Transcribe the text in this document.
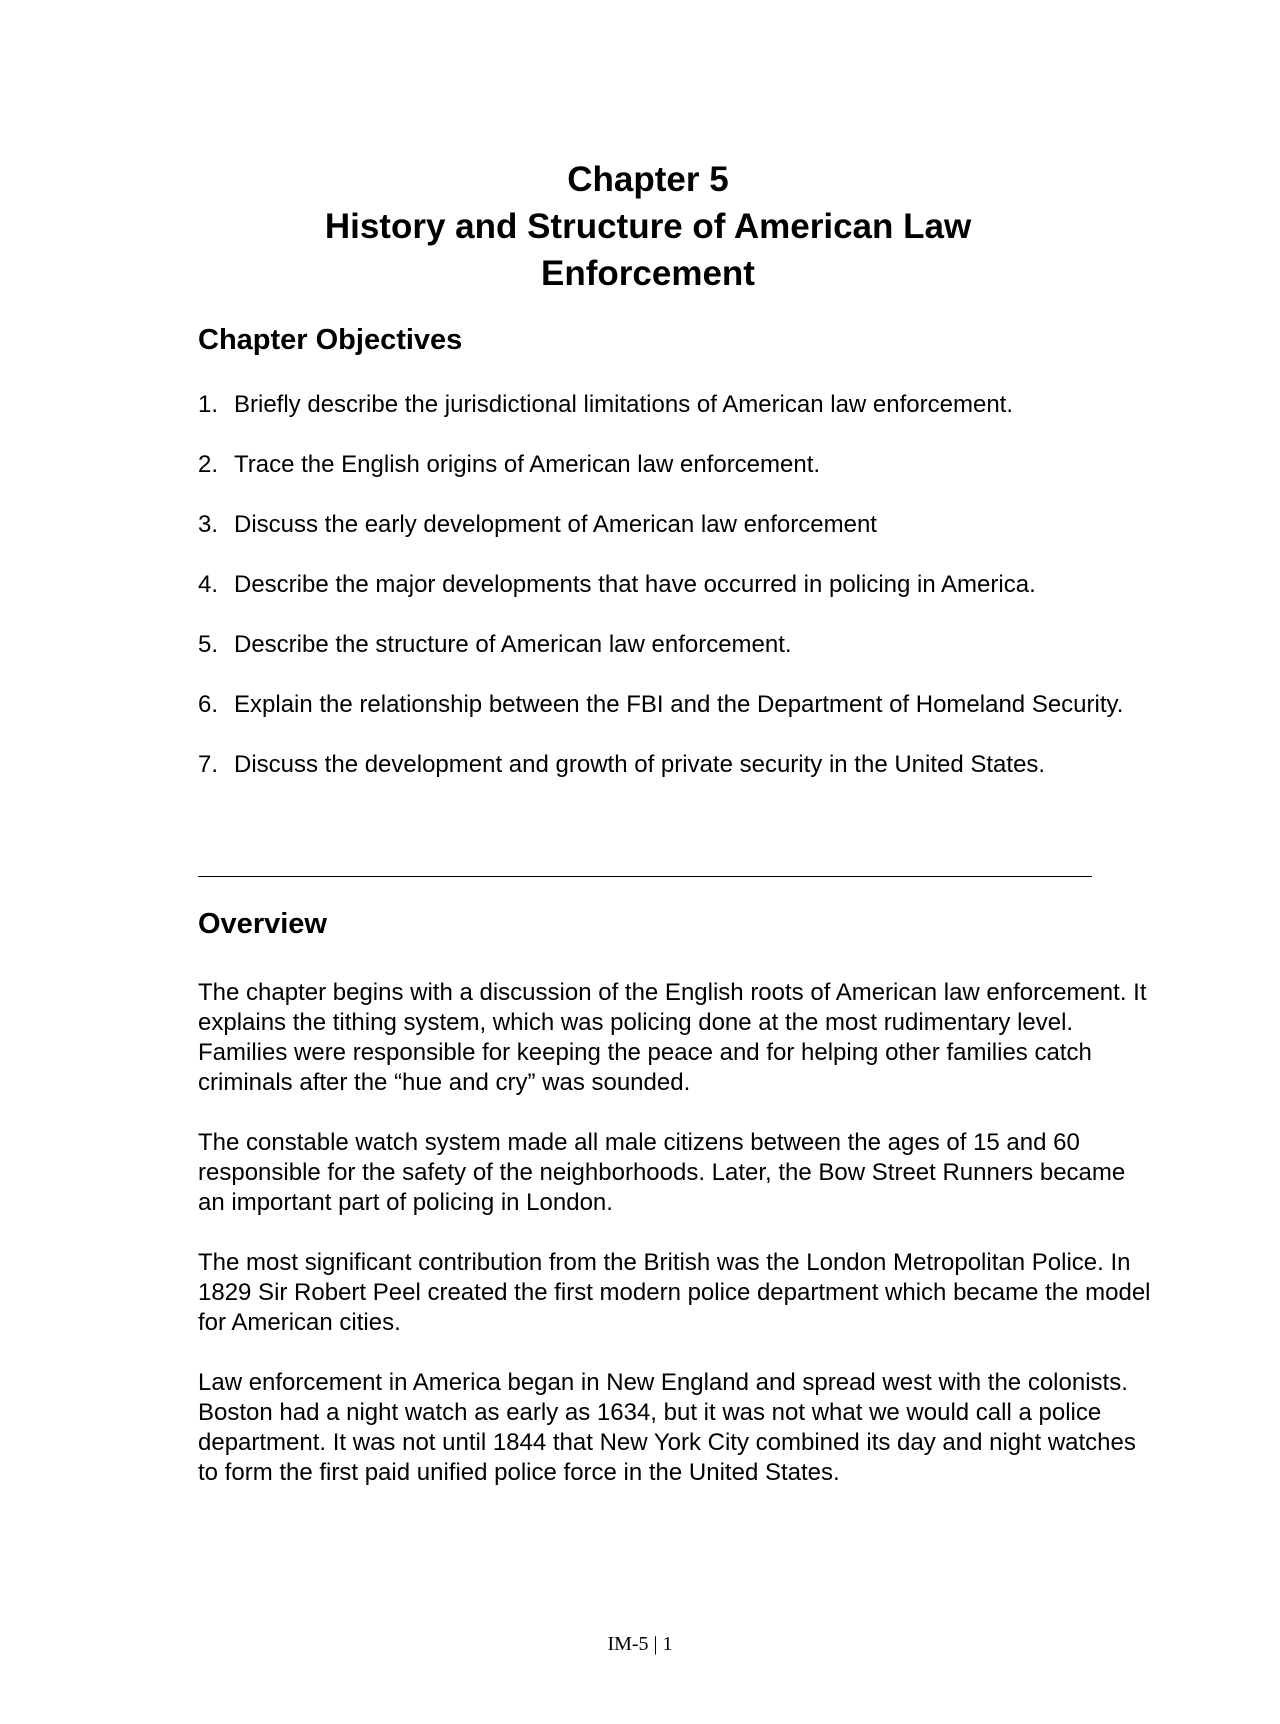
Chapter 5
History and Structure of American Law
Enforcement
Chapter Objectives
1. Briefly describe the jurisdictional limitations of American law enforcement.
2. Trace the English origins of American law enforcement.
3. Discuss the early development of American law enforcement
4. Describe the major developments that have occurred in policing in America.
5. Describe the structure of American law enforcement.
6. Explain the relationship between the FBI and the Department of Homeland Security.
7. Discuss the development and growth of private security in the United States.
Overview

The chapter begins with a discussion of the English roots of American law enforcement. It explains the tithing system, which was policing done at the most rudimentary level. Families were responsible for keeping the peace and for helping other families catch criminals after the “hue and cry” was sounded.

The constable watch system made all male citizens between the ages of 15 and 60 responsible for the safety of the neighborhoods. Later, the Bow Street Runners became an important part of policing in London.

The most significant contribution from the British was the London Metropolitan Police. In 1829 Sir Robert Peel created the first modern police department which became the model for American cities.

Law enforcement in America began in New England and spread west with the colonists. Boston had a night watch as early as 1634, but it was not what we would call a police department. It was not until 1844 that New York City combined its day and night watches to form the first paid unified police force in the United States.

IM-5 | 1
